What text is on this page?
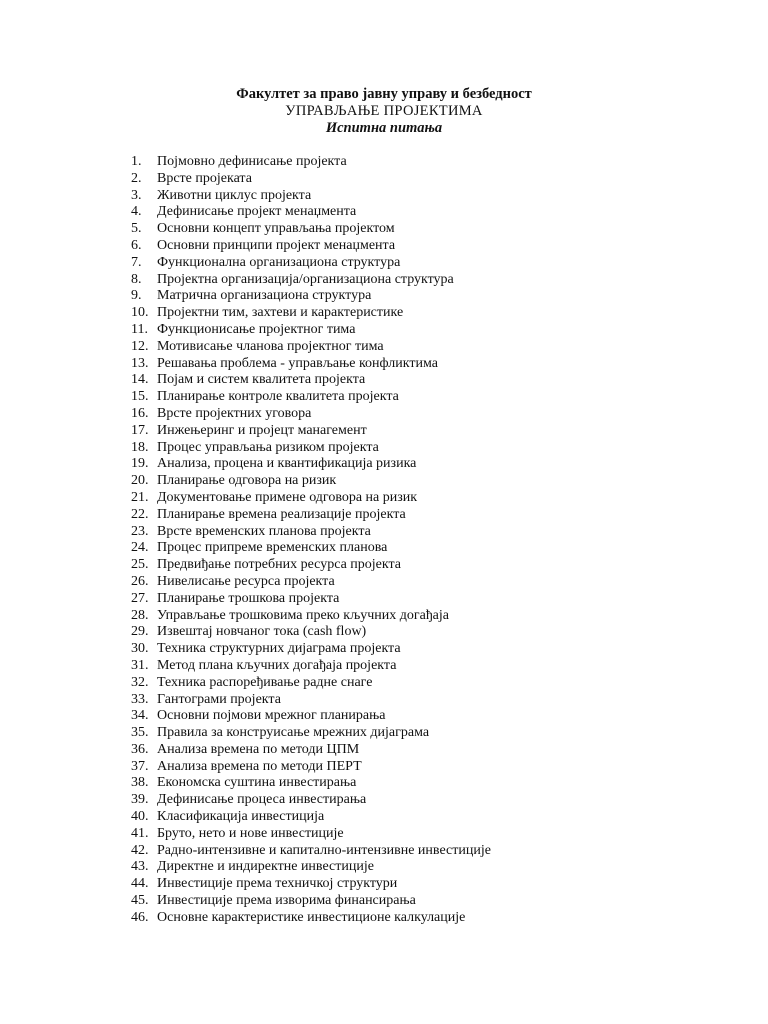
Факултет за право јавну управу и безбедност
УПРАВЉАЊЕ ПРОЈЕКТИМА
Испитна питања
1.	Појмовно дефинисање пројекта
2.	Врсте пројеката
3.	Животни циклус пројекта
4.	Дефинисање пројект менаџмента
5.	Основни концепт управљања пројектом
6.	Основни принципи пројект менаџмента
7.	Функционална организациона структура
8.	Пројектна организација/организациона структура
9.	Матрична организациона структура
10. Пројектни тим, захтеви и карактеристике
11. Функционисање пројектног тима
12. Мотивисање чланова пројектног тима
13. Решавања проблема - управљање конфликтима
14. Појам и систем квалитета пројекта
15. Планирање контроле квалитета пројекта
16. Врсте пројектних уговора
17. Инжењеринг и пројецт манагемент
18. Процес управљања ризиком пројекта
19. Анализа, процена и квантификација ризика
20. Планирање одговора на ризик
21. Документовање примене одговора на ризик
22. Планирање времена реализације пројекта
23. Врсте временских планова пројекта
24. Процес припреме временских планова
25. Предвиђање потребних ресурса пројекта
26. Нивелисање ресурса пројекта
27. Планирање трошкова пројекта
28. Управљање трошковима преко кључних догађаја
29. Извештај новчаног тока (cash flow)
30. Техника структурних дијаграма пројекта
31. Метод плана кључних догађаја пројекта
32. Техника распоређивање радне снаге
33. Гантограми пројекта
34. Основни појмови мрежног планирања
35. Правила за конструисање мрежних дијаграма
36. Анализа времена по методи ЦПМ
37. Анализа времена по методи ПЕРТ
38. Економска суштина инвестирања
39. Дефинисање процеса инвестирања
40. Класификација инвестиција
41. Бруто, нето и нове инвестиције
42. Радно-интензивне и капитално-интензивне инвестиције
43. Директне и индиректне инвестиције
44. Инвестиције према техничкој структури
45. Инвестиције према изворима финансирања
46. Основне карактеристике инвестиционе калкулације
